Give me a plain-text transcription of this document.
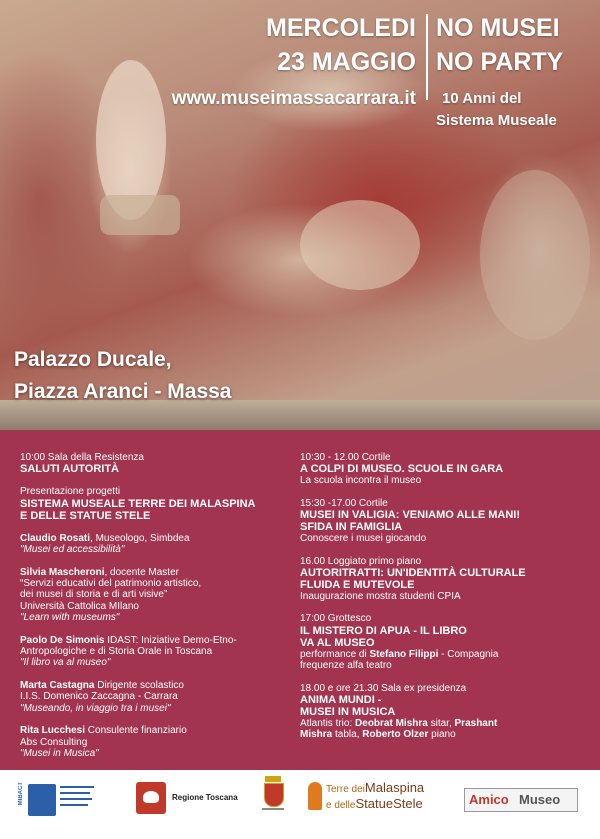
MERCOLEDI
23 MAGGIO
www.museimassacarrara.it
NO MUSEI
NO PARTY
10 Anni del
Sistema Museale
Palazzo Ducale,
Piazza Aranci - Massa
10:00 Sala della Resistenza
SALUTI AUTORITÀ
Presentazione progetti
SISTEMA MUSEALE TERRE DEI MALASPINA
E DELLE STATUE STELE
Claudio Rosati, Museologo, Simbdea
"Musei ed accessibilità"
Silvia Mascheroni, docente Master
“Servizi educativi del patrimonio artistico,
dei musei di storia e di arti visive”
Università Cattolica MIlano
"Learn with museums"
Paolo De Simonis IDAST: Iniziative Demo-Etno-
Antropologiche e di Storia Orale in Toscana
"Il libro va al museo"
Marta Castagna Dirigente scolastico
I.I.S. Domenico Zaccagna - Carrara
"Museando, in viaggio tra i musei"
Rita Lucchesi Consulente finanziario
Abs Consulting
"Musei in Musica"
10:30 - 12.00 Cortile
A COLPI DI MUSEO. SCUOLE IN GARA
La scuola incontra il museo
15:30 -17.00 Cortile
MUSEI IN VALIGIA: VENIAMO ALLE MANI!
SFIDA IN FAMIGLIA
Conoscere i musei giocando
16.00 Loggiato primo piano
AUTORITRATTI: UN'IDENTITÀ CULTURALE
FLUIDA E MUTEVOLE
Inaugurazione mostra studenti CPIA
17:00 Grottesco
IL MISTERO DI APUA - IL LIBRO
VA AL MUSEO
performance di Stefano Filippi - Compagnia
frequenze alfa teatro
18.00 e ore 21.30 Sala ex presidenza
ANIMA MUNDI -
MUSEI IN MUSICA
Atlantis trio: Deobrat Mishra sitar, Prashant
Mishra tabla, Roberto Olzer piano
MIBACT	Regione Toscana
Terre deiMalaspina
e delleStatueStele	Amico Museo
